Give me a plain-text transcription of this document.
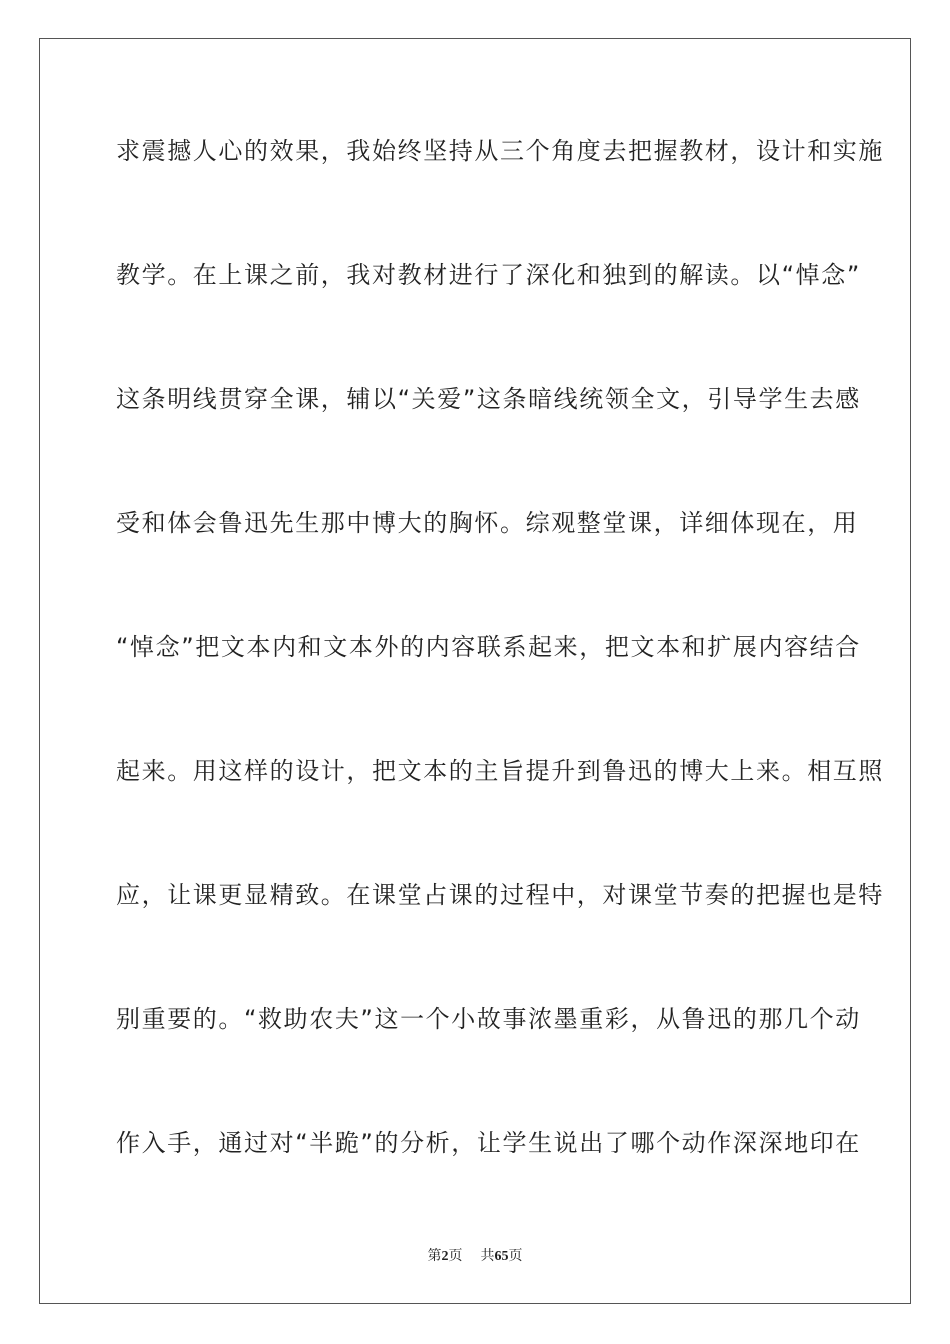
求震撼人心的效果，我始终坚持从三个角度去把握教材，设计和实施
教学。在上课之前，我对教材进行了深化和独到的解读。以“悼念”
这条明线贯穿全课，辅以“关爱”这条暗线统领全文，引导学生去感
受和体会鲁迅先生那中博大的胸怀。综观整堂课，详细体现在，用
“悼念”把文本内和文本外的内容联系起来，把文本和扩展内容结合
起来。用这样的设计，把文本的主旨提升到鲁迅的博大上来。相互照
应，让课更显精致。在课堂占课的过程中，对课堂节奏的把握也是特
别重要的。“救助农夫”这一个小故事浓墨重彩，从鲁迅的那几个动
作入手，通过对“半跪”的分析，让学生说出了哪个动作深深地印在
第2页 共65页
